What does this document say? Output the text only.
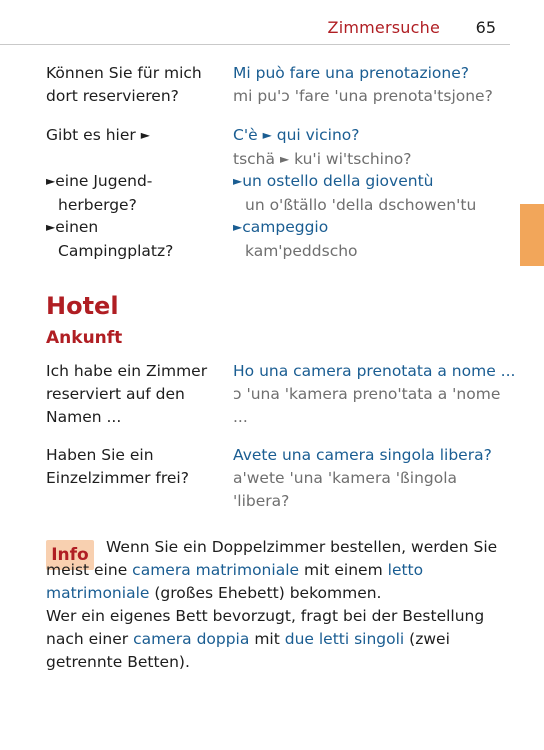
Zimmersuche 65
Können Sie für mich dort reservieren?
Mi può fare una prenotazione?
mi pu'ɔ 'fare 'una prenota'tsjone?
Gibt es hier ►	C'è ► qui vicino?
tschä ► ku'i wi'tschino?
►eine Jugend-
herberge?
►un ostello della gioventù
un o'ßtällo 'della dschowen'tu
►einen
Campingplatz?
►campeggio
kam'peddscho
Hotel
Ankunft
Ich habe ein Zimmer reserviert auf den Namen ...
Ho una camera prenotata a nome ...
ɔ 'una 'kamera preno'tata a 'nome ...
Haben Sie ein Einzelzimmer frei?
Avete una camera singola libera?
a'wete 'una 'kamera 'ßingola 'libera?
Info	Wenn Sie ein Doppelzimmer bestellen, werden Sie meist eine camera matrimoniale mit einem letto matrimoniale (großes Ehebett) bekommen.

Wer ein eigenes Bett bevorzugt, fragt bei der Bestellung nach einer camera doppia mit due letti singoli (zwei getrennte Betten).
